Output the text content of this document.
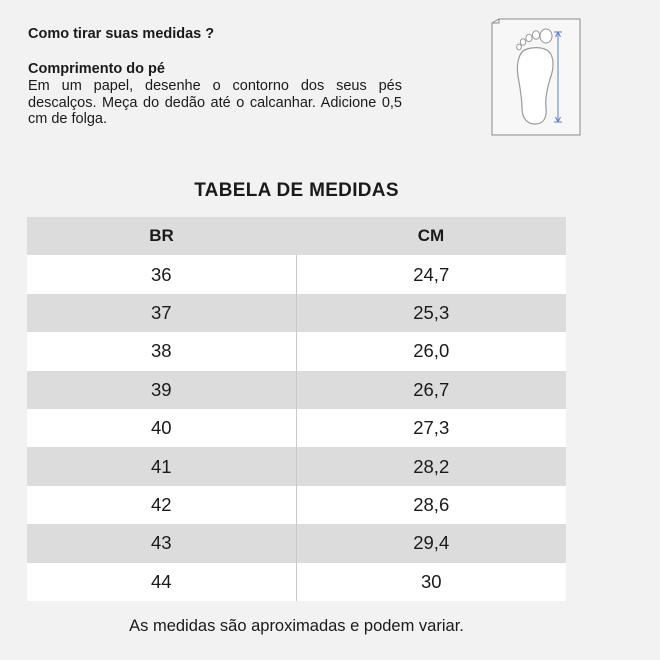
Como tirar suas medidas ?

Comprimento do pé

Em um papel, desenhe o contorno dos seus pés descalços. Meça do dedão até o calcanhar. Adicione 0,5 cm de folga.

TABELA DE MEDIDAS

BR	CM
36	24,7
37	25,3
38	26,0
39	26,7
40	27,3
41	28,2
42	28,6
43	29,4
44	30

As medidas são aproximadas e podem variar.
